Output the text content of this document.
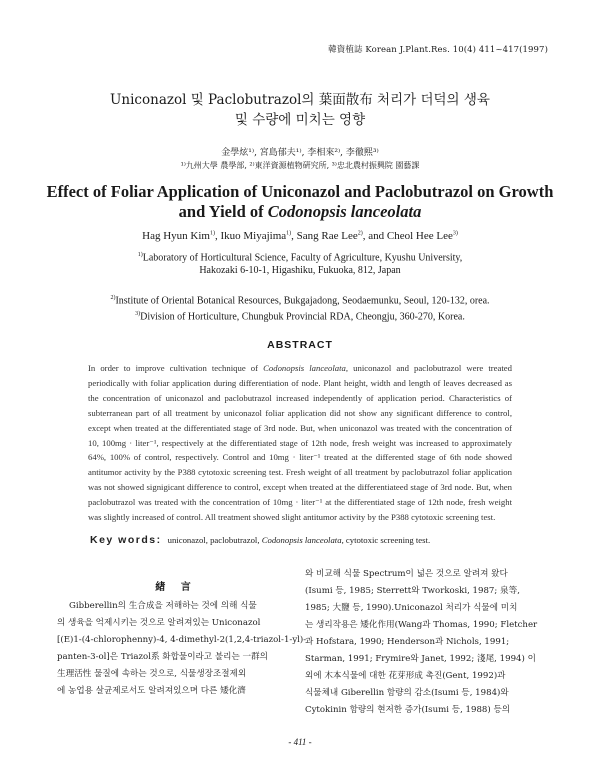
韓資植誌 Korean J.Plant.Res. 10(4) 411~417(1997)
Uniconazol 및 Paclobutrazol의 葉面散布 처리가 더덕의 생육
및 수량에 미치는 영향
金學炫¹⁾, 宮島郁夫¹⁾, 李相來²⁾, 李徹熙³⁾
¹⁾九州大學 農學部, ²⁾東洋資源植物硏究所, ³⁾忠北農村振興院 園藝課
Effect of Foliar Application of Uniconazol and Paclobutrazol on Growth
and Yield of Codonopsis lanceolata
Hag Hyun Kim$^{1)}$, Ikuo Miyajima$^{1)}$, Sang Rae Lee$^{2)}$, and Cheol Hee Lee$^{3)}$
$^{1)}$Laboratory of Horticultural Science, Faculty of Agriculture, Kyushu University,
Hakozaki 6-10-1, Higashiku, Fukuoka, 812, Japan
$^{2)}$Institute of Oriental Botanical Resources, Bukgajadong, Seodaemunku, Seoul, 120-132, orea.
$^{3)}$Division of Horticulture, Chungbuk Provincial RDA, Cheongju, 360-270, Korea.
ABSTRACT

In order to improve cultivation technique of Codonopsis lanceolata, uniconazol and paclobutrazol were treated periodically with foliar application during differentiation of node. Plant height, width and length of leaves decreased as the concentration of uniconazol and paclobutrazol increased independently of application period. Characteristics of subterranean part of all treatment by uniconazol foliar application did not show any significant difference to control, except when treated at the differentiated stage of 3rd node. But, when uniconazol was treated with the concentration of 10, 100mg · liter⁻¹, respectively at the differentiated stage of 12th node, fresh weight was increased to approximately 64%, 100% of control, respectively. Control and 10mg · liter⁻¹ treated at the differented stage of 6th node showed antitumor activity by the P388 cytotoxic screening test. Fresh weight of all treatment by paclobutrazol foliar application was not showed signigicant difference to control, except when treated at the differentiateed stage of 3rd node. But, when paclobutrazol was treated with the concentration of 10mg · liter⁻¹ at the differentiated stage of 12th node, fresh weight was slightly increased of control. All treatment showed slight antitumor activity by the P388 cytotoxic screening test.

Key words: uniconazol, paclobutrazol, Codonopsis lanceolata, cytotoxic screening test.
緖 言
Gibberellin의 生合成을 저해하는 것에 의해 식물
의 생육을 억제시키는 것으로 알려져있는 Uniconazol
[(E)1-(4-chlorophenny)-4, 4-dimethyl-2(1,2,4-triazol-1-yl)-
panten-3-ol]은 Triazol系 화합물이라고 불리는 一群의
生理活性 물질에 속하는 것으로, 식물생장조절제외
에 농업용 살균제로서도 알려져있으며 다른 矮化濟
와 비교해 식물 Spectrum이 넓은 것으로 알려져 왔다
(Isumi 등, 1985; Sterrett와 Tworkoski, 1987; 泉等,
1985; 大鹽 등, 1990).Uniconazol 처리가 식물에 미치
는 생리작용은 矮化作用(Wang과 Thomas, 1990; Fletcher
과 Hofstara, 1990; Henderson과 Nichols, 1991;
Starman, 1991; Frymire와 Janet, 1992; 淺尾, 1994) 이
외에 木本식물에 대한 花芽形成 촉진(Gent, 1992)과
식물체내 Giberellin 함량의 감소(Isumi 등, 1984)와
Cytokinin 함량의 현저한 증가(Isumi 등, 1988) 등의
- 411 -
